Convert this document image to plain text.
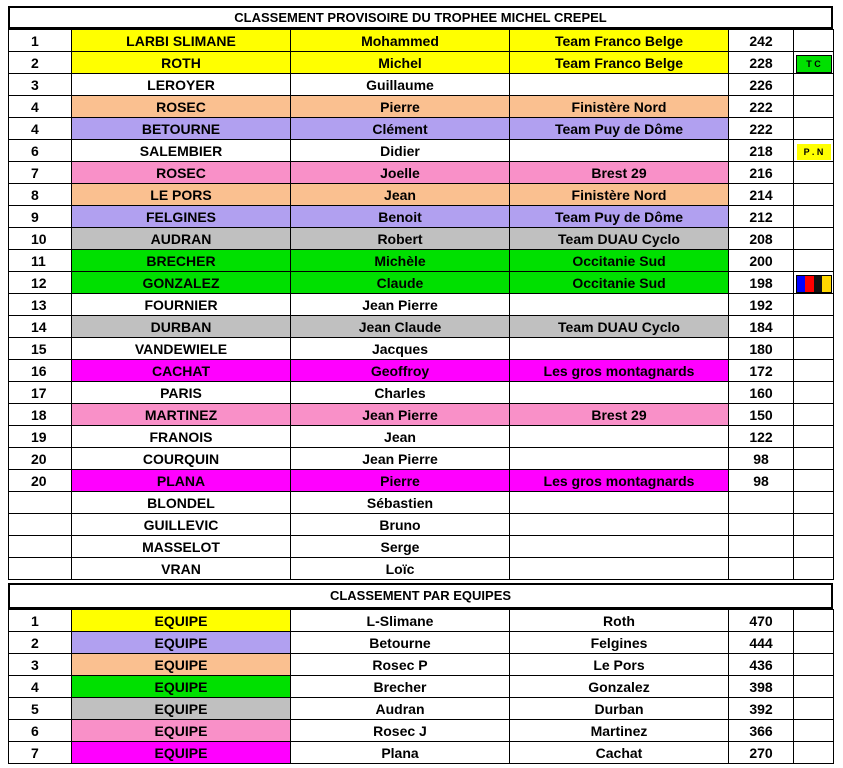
CLASSEMENT PROVISOIRE DU TROPHEE MICHEL CREPEL
1	LARBI SLIMANE	Mohammed	Team Franco Belge	242	
2	ROTH	Michel	Team Franco Belge	228	T C
3	LEROYER	Guillaume		226	
4	ROSEC	Pierre	Finistère Nord	222	
4	BETOURNE	Clément	Team Puy de Dôme	222	
6	SALEMBIER	Didier		218	P . N
7	ROSEC	Joelle	Brest 29	216	
8	LE PORS	Jean	Finistère Nord	214	
9	FELGINES	Benoit	Team Puy de Dôme	212	
10	AUDRAN	Robert	Team DUAU Cyclo	208	
11	BRECHER	Michèle	Occitanie Sud	200	
12	GONZALEZ	Claude	Occitanie Sud	198	

13	FOURNIER	Jean Pierre		192	
14	DURBAN	Jean Claude	Team DUAU Cyclo	184	
15	VANDEWIELE	Jacques		180	
16	CACHAT	Geoffroy	Les gros montagnards	172	
17	PARIS	Charles		160	
18	MARTINEZ	Jean Pierre	Brest 29	150	
19	FRANOIS	Jean		122	
20	COURQUIN	Jean Pierre		98	
20	PLANA	Pierre	Les gros montagnards	98	
	BLONDEL	Sébastien			
	GUILLEVIC	Bruno			
	MASSELOT	Serge			
	VRAN	Loïc			
CLASSEMENT PAR EQUIPES
1	EQUIPE	L-Slimane	Roth	470	
2	EQUIPE	Betourne	Felgines	444	
3	EQUIPE	Rosec P	Le Pors	436	
4	EQUIPE	Brecher	Gonzalez	398	
5	EQUIPE	Audran	Durban	392	
6	EQUIPE	Rosec J	Martinez	366	
7	EQUIPE	Plana	Cachat	270	
